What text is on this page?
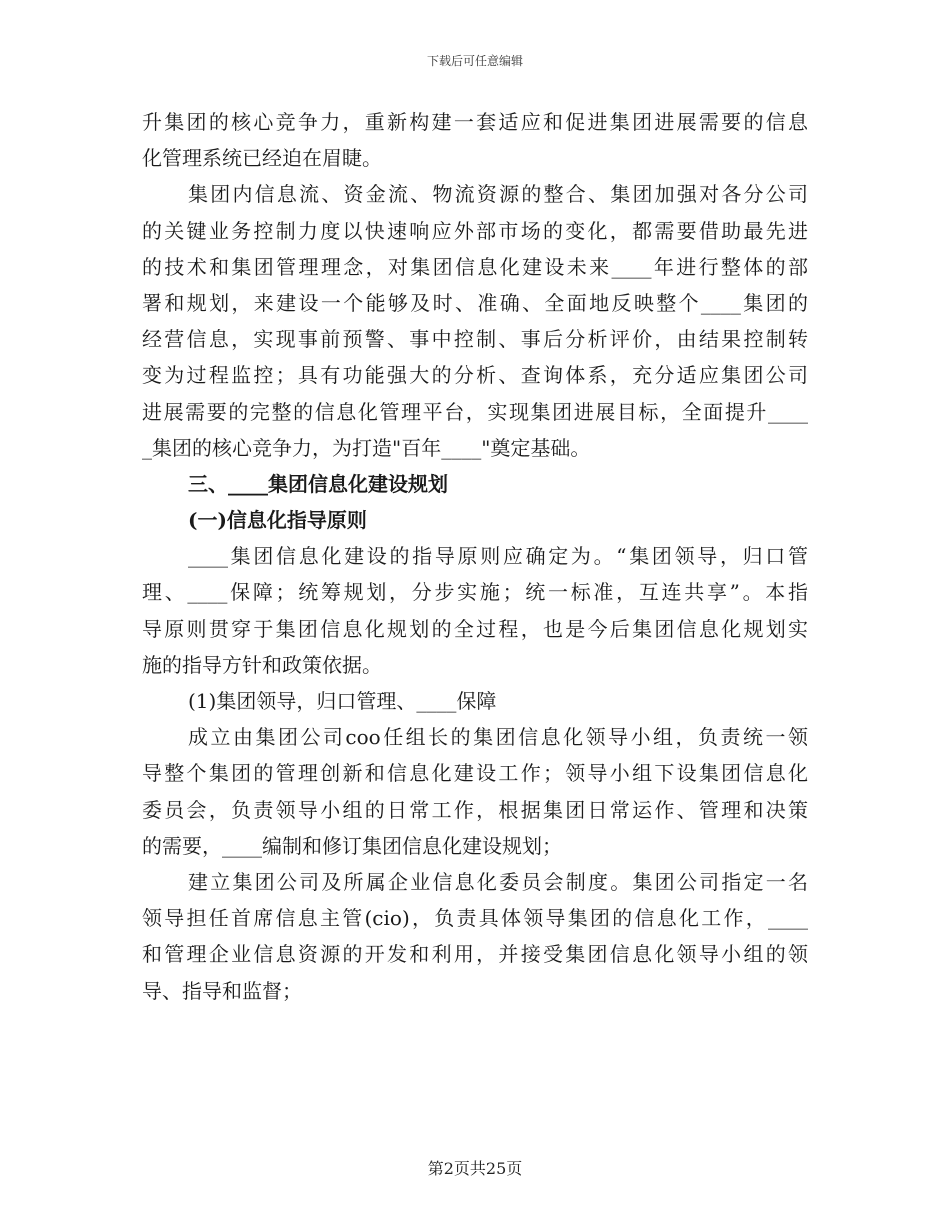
下载后可任意编辑
升集团的核心竞争力，重新构建一套适应和促进集团进展需要的信息
化管理系统已经迫在眉睫。
集团内信息流、资金流、物流资源的整合、集团加强对各分公司
的关键业务控制力度以快速响应外部市场的变化，都需要借助最先进
的技术和集团管理理念，对集团信息化建设未来____年进行整体的部
署和规划，来建设一个能够及时、准确、全面地反映整个____集团的
经营信息，实现事前预警、事中控制、事后分析评价，由结果控制转
变为过程监控；具有功能强大的分析、查询体系，充分适应集团公司
进展需要的完整的信息化管理平台，实现集团进展目标，全面提升____
_集团的核心竞争力，为打造"百年____"奠定基础。
三、____集团信息化建设规划
(一)信息化指导原则
____集团信息化建设的指导原则应确定为。“集团领导，归口管
理、____保障；统筹规划，分步实施；统一标准，互连共享”。本指
导原则贯穿于集团信息化规划的全过程，也是今后集团信息化规划实
施的指导方针和政策依据。
(1)集团领导，归口管理、____保障
成立由集团公司coo任组长的集团信息化领导小组，负责统一领
导整个集团的管理创新和信息化建设工作；领导小组下设集团信息化
委员会，负责领导小组的日常工作，根据集团日常运作、管理和决策
的需要，____编制和修订集团信息化建设规划；
建立集团公司及所属企业信息化委员会制度。集团公司指定一名
领导担任首席信息主管(cio)，负责具体领导集团的信息化工作，____
和管理企业信息资源的开发和利用，并接受集团信息化领导小组的领
导、指导和监督；
第2页共25页
